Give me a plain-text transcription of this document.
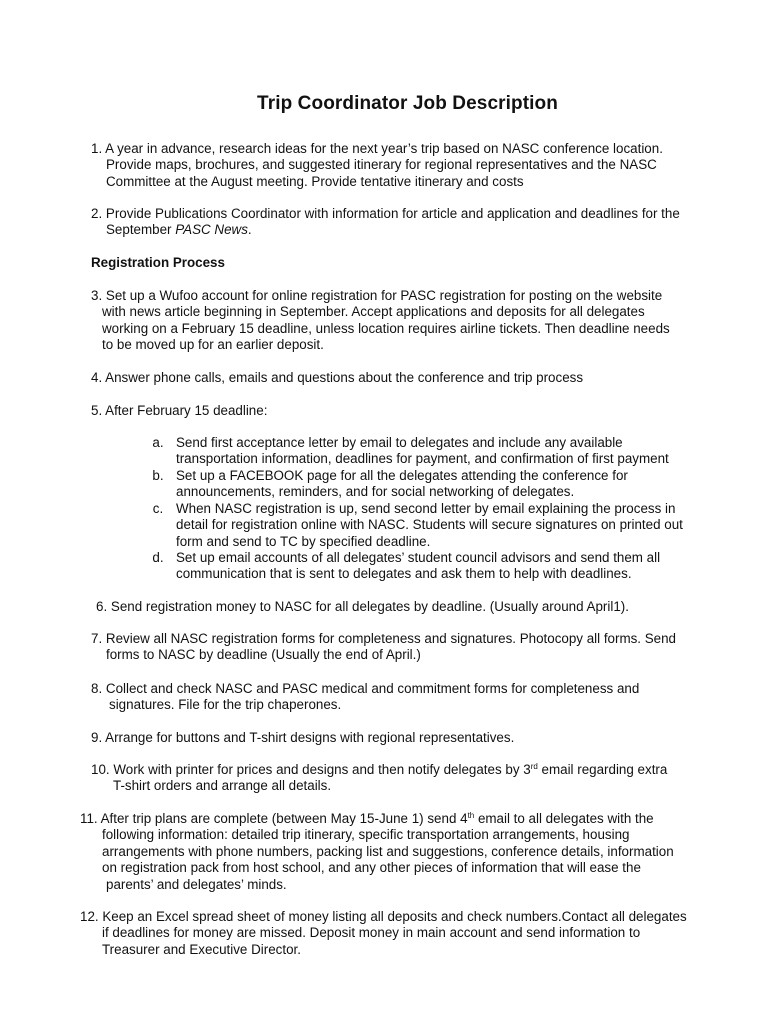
Trip Coordinator Job Description
1. A year in advance, research ideas for the next year’s trip based on NASC conference location.
Provide maps, brochures, and suggested itinerary for regional representatives and the NASC
Committee at the August meeting. Provide tentative itinerary and costs
2. Provide Publications Coordinator with information for article and application and deadlines for the
September PASC News.
Registration Process
3. Set up a Wufoo account for online registration for PASC registration for posting on the website
with news article beginning in September. Accept applications and deposits for all delegates
working on a February 15 deadline, unless location requires airline tickets. Then deadline needs
to be moved up for an earlier deposit.
4. Answer phone calls, emails and questions about the conference and trip process
5. After February 15 deadline:
a. Send first acceptance letter by email to delegates and include any available
transportation information, deadlines for payment, and confirmation of first payment
b. Set up a FACEBOOK page for all the delegates attending the conference for
announcements, reminders, and for social networking of delegates.
c. When NASC registration is up, send second letter by email explaining the process in
detail for registration online with NASC. Students will secure signatures on printed out
form and send to TC by specified deadline.
d. Set up email accounts of all delegates’ student council advisors and send them all
communication that is sent to delegates and ask them to help with deadlines.
6. Send registration money to NASC for all delegates by deadline. (Usually around April1).
7. Review all NASC registration forms for completeness and signatures. Photocopy all forms. Send
forms to NASC by deadline (Usually the end of April.)
8. Collect and check NASC and PASC medical and commitment forms for completeness and
signatures. File for the trip chaperones.
9. Arrange for buttons and T-shirt designs with regional representatives.
10. Work with printer for prices and designs and then notify delegates by 3rd email regarding extra
T-shirt orders and arrange all details.
11. After trip plans are complete (between May 15-June 1) send 4th email to all delegates with the
following information: detailed trip itinerary, specific transportation arrangements, housing
arrangements with phone numbers, packing list and suggestions, conference details, information
on registration pack from host school, and any other pieces of information that will ease the
parents’ and delegates’ minds.
12. Keep an Excel spread sheet of money listing all deposits and check numbers.Contact all delegates
if deadlines for money are missed. Deposit money in main account and send information to
Treasurer and Executive Director.
